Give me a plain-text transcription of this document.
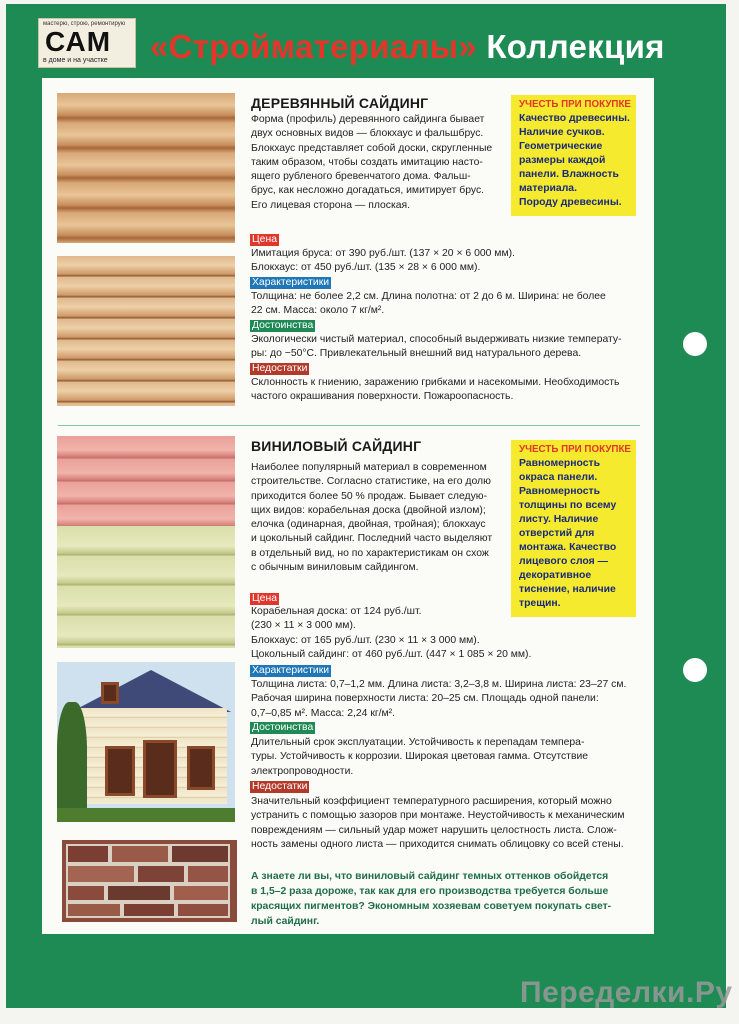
мастерю, строю, ремонтирую
САМ
в доме и на участке «Стройматериалы» Коллекция
ДЕРЕВЯННЫЙ САЙДИНГ
Форма (профиль) деревянного сайдинга бывает
двух основных видов — блокхаус и фальшбрус.
Блокхаус представляет собой доски, скругленные
таким образом, чтобы создать имитацию насто-
ящего рубленого бревенчатого дома. Фальш-
брус, как несложно догадаться, имитирует брус.
Его лицевая сторона — плоская.
УЧЕСТЬ ПРИ ПОКУПКЕ
Качество древесины.
Наличие сучков.
Геометрические
размеры каждой
панели. Влажность
материала.
Породу древесины.
Цена
Имитация бруса: от 390 руб./шт. (137 × 20 × 6 000 мм).
Блокхаус: от 450 руб./шт. (135 × 28 × 6 000 мм).
Характеристики
Толщина: не более 2,2 см. Длина полотна: от 2 до 6 м. Ширина: не более
22 см. Масса: около 7 кг/м².
Достоинства
Экологически чистый материал, способный выдерживать низкие температу-
ры: до −50°С. Привлекательный внешний вид натурального дерева.
Недостатки
Склонность к гниению, заражению грибками и насекомыми. Необходимость
частого окрашивания поверхности. Пожароопасность.
ВИНИЛОВЫЙ САЙДИНГ
Наиболее популярный материал в современном
строительстве. Согласно статистике, на его долю
приходится более 50 % продаж. Бывает следую-
щих видов: корабельная доска (двойной излом);
елочка (одинарная, двойная, тройная); блокхаус
и цокольный сайдинг. Последний часто выделяют
в отдельный вид, но по характеристикам он схож
с обычным виниловым сайдингом.
УЧЕСТЬ ПРИ ПОКУПКЕ
Равномерность
окраса панели.
Равномерность
толщины по всему
листу. Наличие
отверстий для
монтажа. Качество
лицевого слоя —
декоративное
тиснение, наличие
трещин.
Цена
Корабельная доска: от 124 руб./шт.
(230 × 11 × 3 000 мм).
Блокхаус: от 165 руб./шт. (230 × 11 × 3 000 мм).
Цокольный сайдинг: от 460 руб./шт. (447 × 1 085 × 20 мм).
Характеристики
Толщина листа: 0,7–1,2 мм. Длина листа: 3,2–3,8 м. Ширина листа: 23–27 см.
Рабочая ширина поверхности листа: 20–25 см. Площадь одной панели:
0,7–0,85 м². Масса: 2,24 кг/м².
Достоинства
Длительный срок эксплуатации. Устойчивость к перепадам темпера-
туры. Устойчивость к коррозии. Широкая цветовая гамма. Отсутствие
электропроводности.
Недостатки
Значительный коэффициент температурного расширения, который можно
устранить с помощью зазоров при монтаже. Неустойчивость к механическим
повреждениям — сильный удар может нарушить целостность листа. Слож-
ность замены одного листа — приходится снимать облицовку со всей стены.
А знаете ли вы, что виниловый сайдинг темных оттенков обойдется
в 1,5–2 раза дороже, так как для его производства требуется больше
красящих пигментов? Экономным хозяевам советуем покупать свет-
лый сайдинг.
Переделки.Ру
